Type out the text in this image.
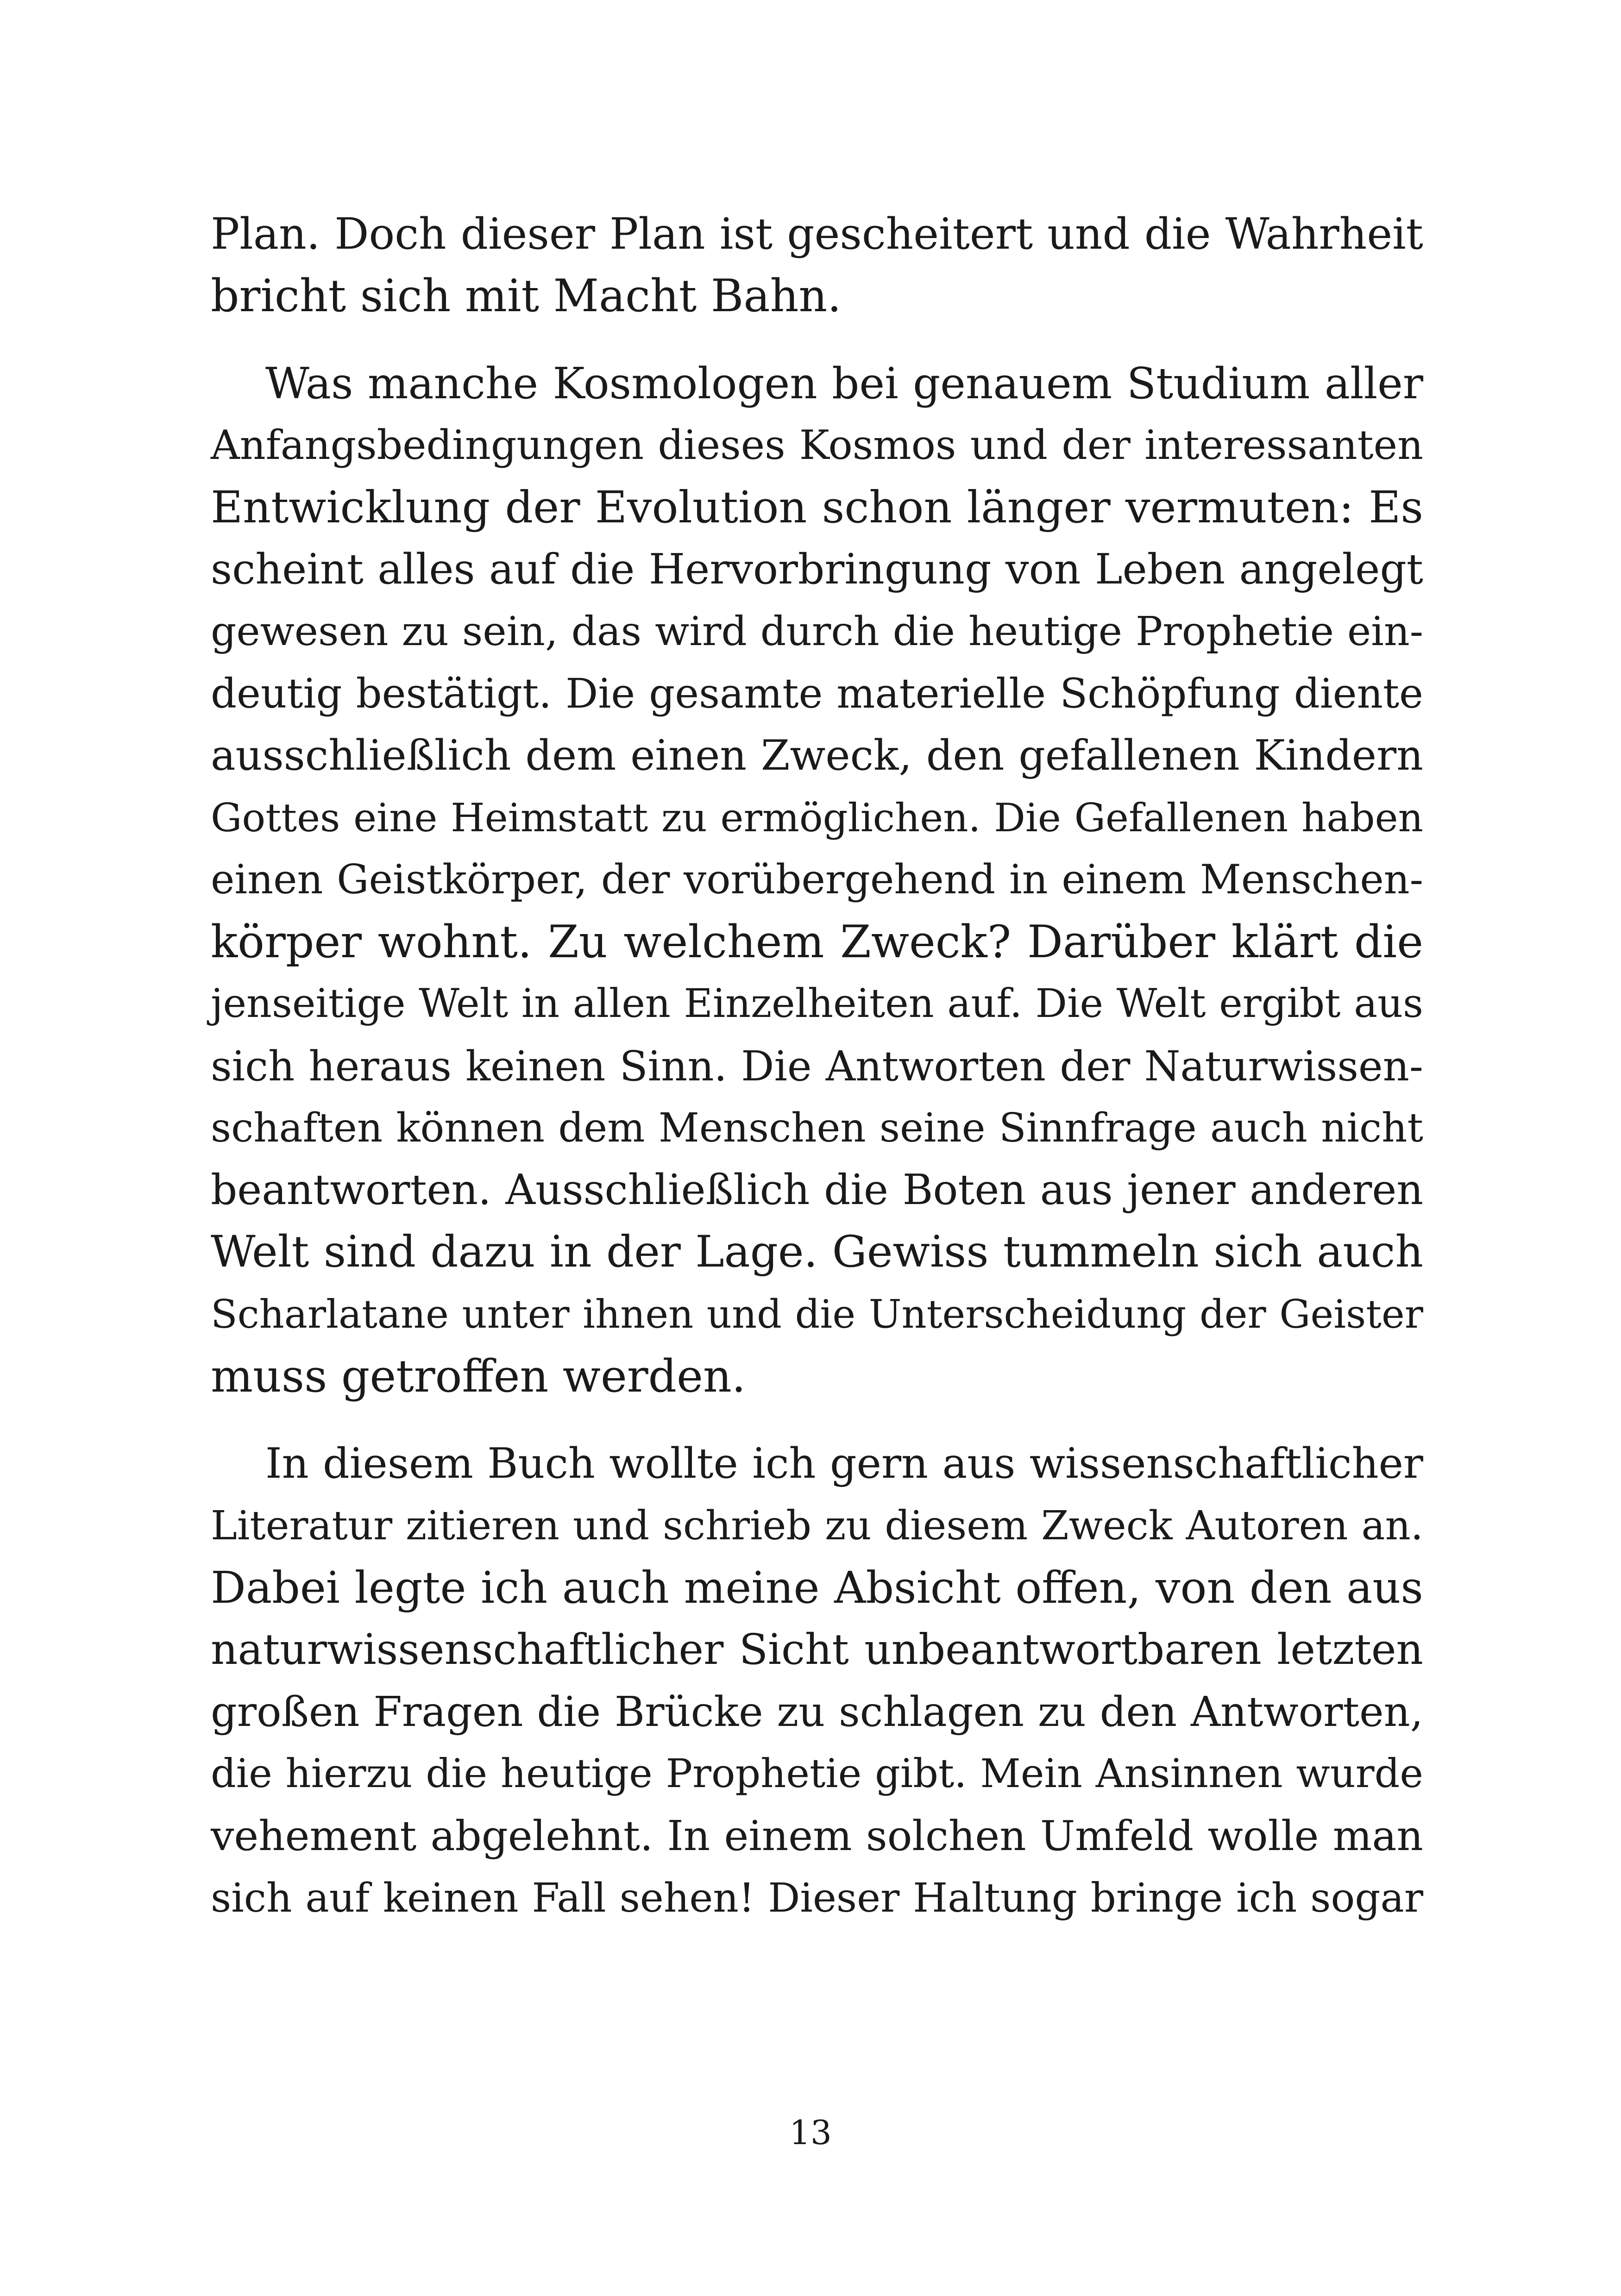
Plan. Doch dieser Plan ist gescheitert und die Wahrheit
bricht sich mit Macht Bahn.
Was manche Kosmologen bei genauem Studium aller
Anfangsbedingungen dieses Kosmos und der interessanten
Entwicklung der Evolution schon länger vermuten: Es
scheint alles auf die Hervorbringung von Leben angelegt
gewesen zu sein, das wird durch die heutige Prophetie ein-
deutig bestätigt. Die gesamte materielle Schöpfung diente
ausschließlich dem einen Zweck, den gefallenen Kindern
Gottes eine Heimstatt zu ermöglichen. Die Gefallenen haben
einen Geistkörper, der vorübergehend in einem Menschen-
körper wohnt. Zu welchem Zweck? Darüber klärt die
jenseitige Welt in allen Einzelheiten auf. Die Welt ergibt aus
sich heraus keinen Sinn. Die Antworten der Naturwissen-
schaften können dem Menschen seine Sinnfrage auch nicht
beantworten. Ausschließlich die Boten aus jener anderen
Welt sind dazu in der Lage. Gewiss tummeln sich auch
Scharlatane unter ihnen und die Unterscheidung der Geister
muss getroffen werden.
In diesem Buch wollte ich gern aus wissenschaftlicher
Literatur zitieren und schrieb zu diesem Zweck Autoren an.
Dabei legte ich auch meine Absicht offen, von den aus
naturwissenschaftlicher Sicht unbeantwortbaren letzten
großen Fragen die Brücke zu schlagen zu den Antworten,
die hierzu die heutige Prophetie gibt. Mein Ansinnen wurde
vehement abgelehnt. In einem solchen Umfeld wolle man
sich auf keinen Fall sehen! Dieser Haltung bringe ich sogar
13
